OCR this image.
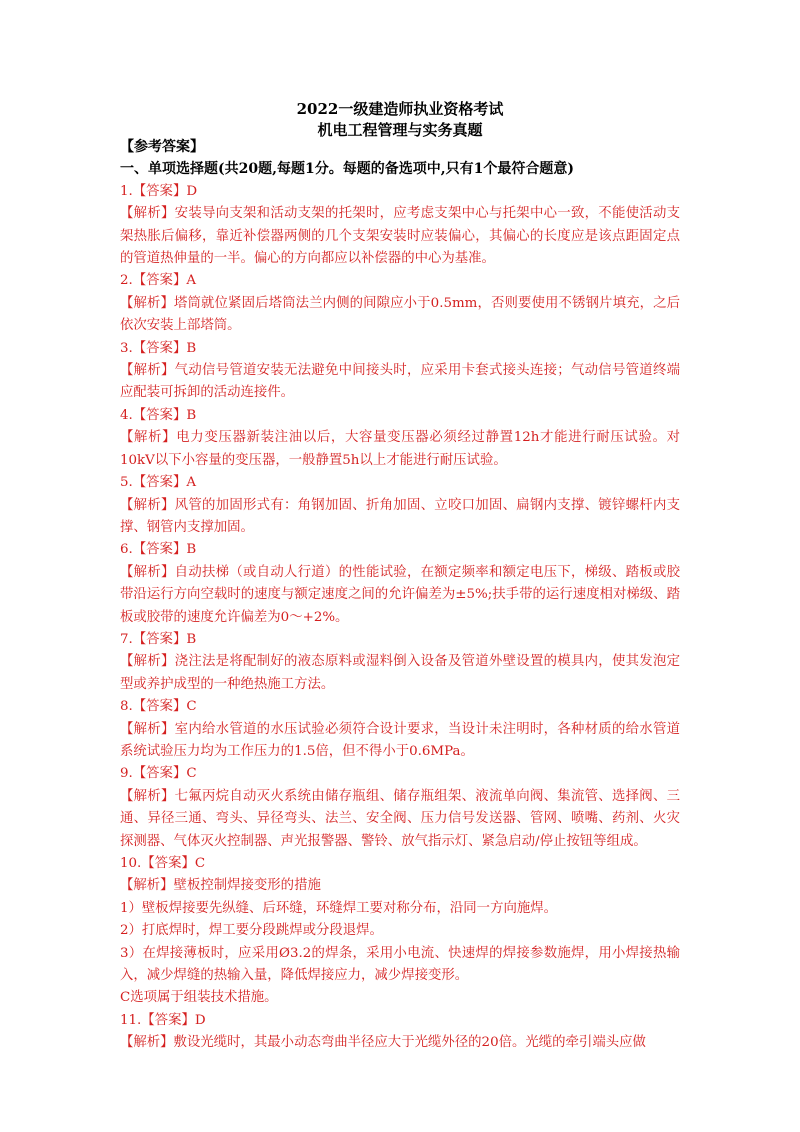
2022一级建造师执业资格考试
机电工程管理与实务真题
【参考答案】
一、单项选择题(共20题,每题1分。每题的备选项中,只有1个最符合题意)
1.【答案】D
【解析】安装导向支架和活动支架的托架时，应考虑支架中心与托架中心一致，不能使活动支架热胀后偏移，靠近补偿器两侧的几个支架安装时应装偏心，其偏心的长度应是该点距固定点的管道热伸量的一半。偏心的方向都应以补偿器的中心为基准。
2.【答案】A
【解析】塔筒就位紧固后塔筒法兰内侧的间隙应小于0.5mm，否则要使用不锈钢片填充，之后依次安装上部塔筒。
3.【答案】B
【解析】气动信号管道安装无法避免中间接头时，应采用卡套式接头连接；气动信号管道终端应配装可拆卸的活动连接件。
4.【答案】B
【解析】电力变压器新装注油以后，大容量变压器必须经过静置12h才能进行耐压试验。对10kV以下小容量的变压器，一般静置5h以上才能进行耐压试验。
5.【答案】A
【解析】风管的加固形式有：角钢加固、折角加固、立咬口加固、扁钢内支撑、镀锌螺杆内支撑、钢管内支撑加固。
6.【答案】B
【解析】自动扶梯（或自动人行道）的性能试验，在额定频率和额定电压下，梯级、踏板或胶带沿运行方向空载时的速度与额定速度之间的允许偏差为±5%;扶手带的运行速度相对梯级、踏板或胶带的速度允许偏差为0～+2%。
7.【答案】B
【解析】浇注法是将配制好的液态原料或湿料倒入设备及管道外壁设置的模具内，使其发泡定型或养护成型的一种绝热施工方法。
8.【答案】C
【解析】室内给水管道的水压试验必须符合设计要求，当设计未注明时，各种材质的给水管道系统试验压力均为工作压力的1.5倍，但不得小于0.6MPa。
9.【答案】C
【解析】七氟丙烷自动灭火系统由储存瓶组、储存瓶组架、液流单向阀、集流管、选择阀、三通、异径三通、弯头、异径弯头、法兰、安全阀、压力信号发送器、管网、喷嘴、药剂、火灾探测器、气体灭火控制器、声光报警器、警铃、放气指示灯、紧急启动/停止按钮等组成。
10.【答案】C
【解析】壁板控制焊接变形的措施
1）壁板焊接要先纵缝、后环缝，环缝焊工要对称分布，沿同一方向施焊。
2）打底焊时，焊工要分段跳焊或分段退焊。
3）在焊接薄板时，应采用Ø3.2的焊条，采用小电流、快速焊的焊接参数施焊，用小焊接热输入，减少焊缝的热输入量，降低焊接应力，减少焊接变形。
C选项属于组装技术措施。
11.【答案】D
【解析】敷设光缆时，其最小动态弯曲半径应大于光缆外径的20倍。光缆的牵引端头应做
